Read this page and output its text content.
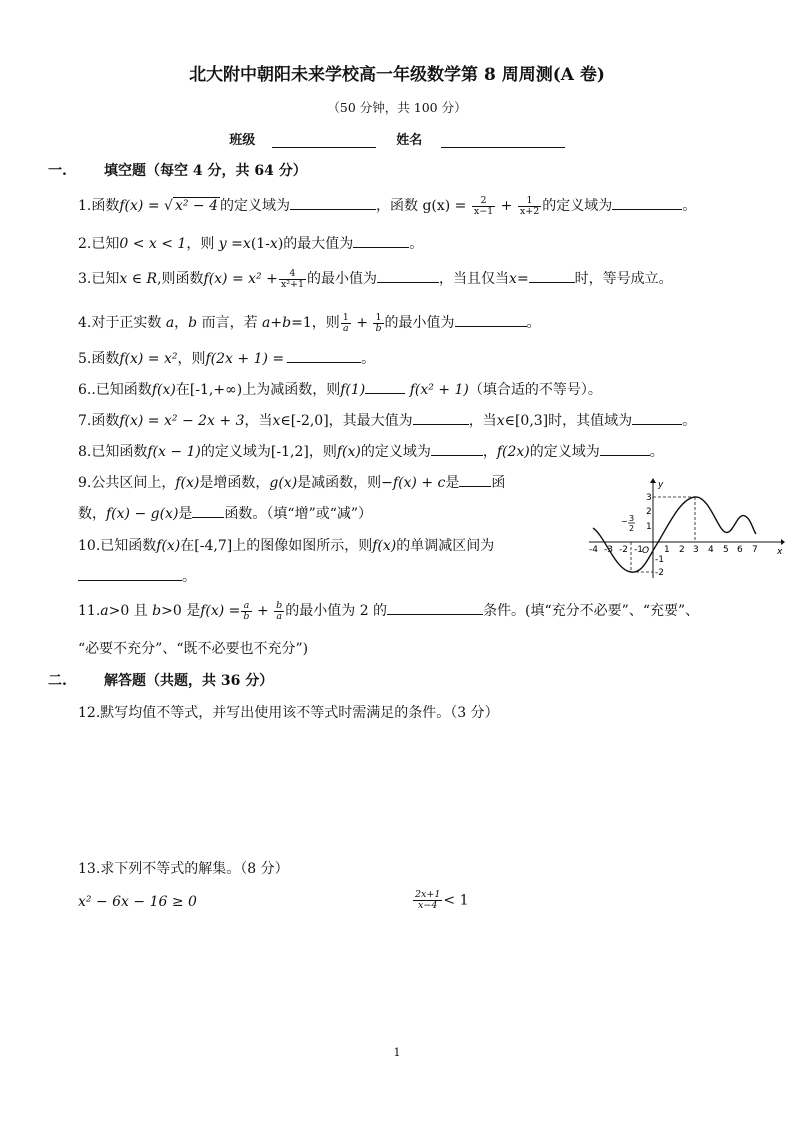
北大附中朝阳未来学校高一年级数学第 8 周周测(A 卷)
（50 分钟，共 100 分）
班级	姓名
一.	填空题（每空 4 分，共 64 分）
1.函数f(x) = √ x² − 4 的定义域为	，函数 $g(x) = \frac{2}{x-1} + \frac{1}{x+2}$ 的定义域为	。
2.已知0 < x < 1，则 y =x(1-x)的最大值为	。
3.已知x ∈ R,则函数$f(x) = x^2 + \frac{4}{\text{x²+1}}$ 的最小值为	，当且仅当x=	时，等号成立。
4.对于正实数 a，b 而言，若 a+b=1，则 $\frac{1}{a} + \frac{1}{b}$ 的最小值为	。
5.函数f(x) = x²，则f(2x + 1) =	。
6..已知函数f(x)在[-1,+∞)上为减函数，则f(1)	f(x² + 1)（填合适的不等号）。
7.函数f(x) = x² − 2x + 3，当x∈[-2,0]，其最大值为	，当x∈[0,3]时，其值域为	。
8.已知函数f(x − 1)的定义域为[-1,2]，则f(x)的定义域为	，f(2x)的定义域为	。
9.公共区间上，f(x)是增函数，g(x)是减函数，则−f(x) + c是 函
数，f(x) − g(x)是 函数。（填“增”或“减”）
10.已知函数f(x)在[-4,7]上的图像如图所示，则f(x)的单调减区间为
。
y
x
O
-4 -3 -2 -1 1 2 3 4 5 6 7
3
2
1
-1
-2
− 3
2
11.a>0 且 b>0 是$f(x) = \frac{a}{b} + \frac{b}{a}$ 的最小值为 2 的	条件。(填“充分不必要”、“充要”、
“必要不充分”、“既不必要也不充分”)
二.	解答题（共题，共 36 分）
12.默写均值不等式，并写出使用该不等式时需满足的条件。（3 分）
13.求下列不等式的解集。（8 分）
x² − 6x − 16 ≥ 0	$\frac{2x+1}{x-4} < 1$
1
